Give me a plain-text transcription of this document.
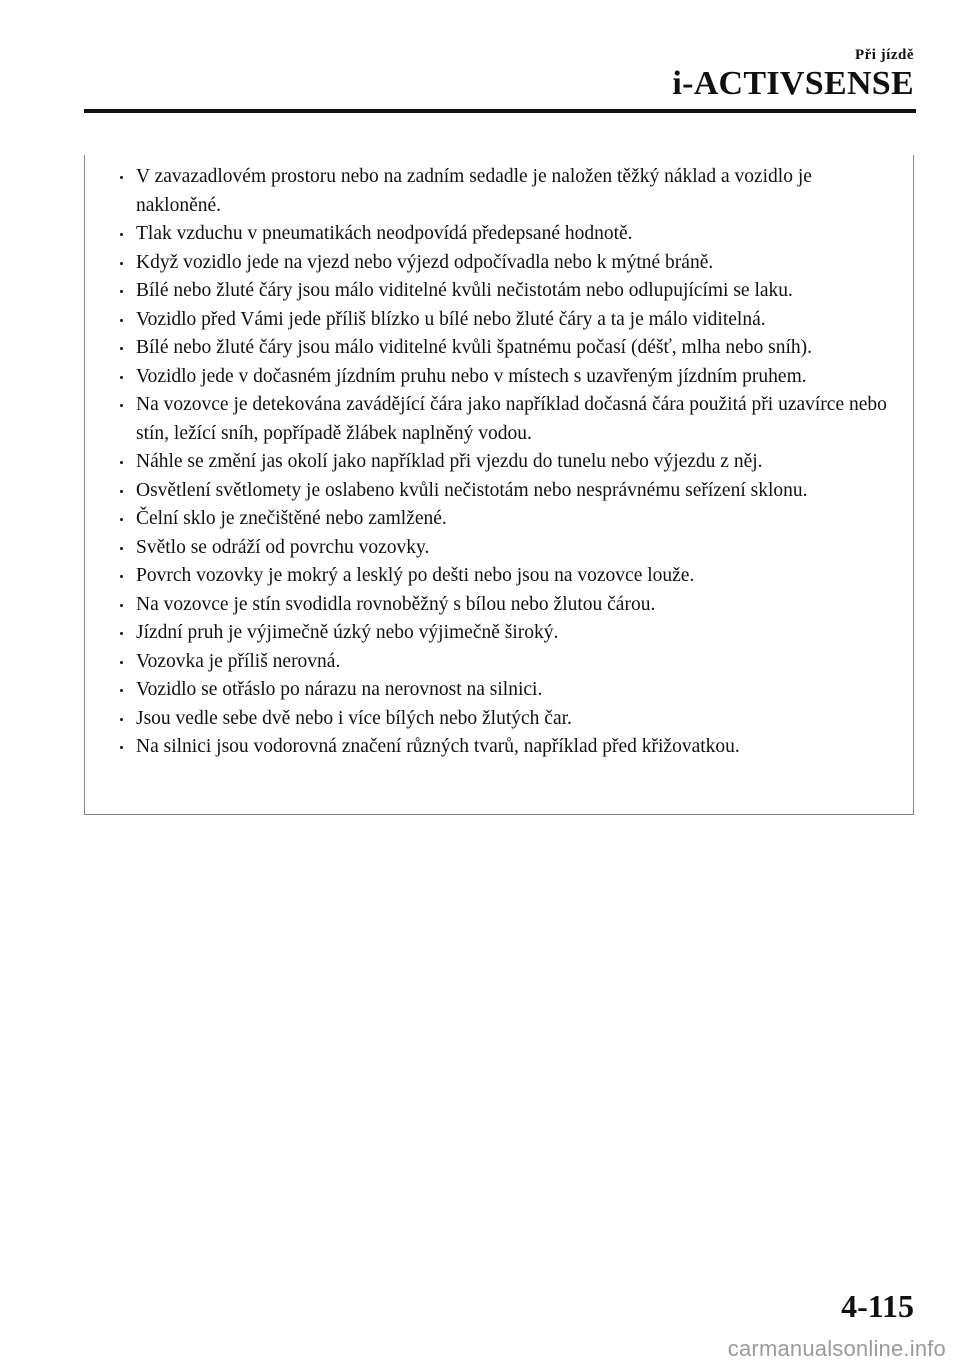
Při jízdě
i-ACTIVSENSE
V zavazadlovém prostoru nebo na zadním sedadle je naložen těžký náklad a vozidlo je nakloněné.
Tlak vzduchu v pneumatikách neodpovídá předepsané hodnotě.
Když vozidlo jede na vjezd nebo výjezd odpočívadla nebo k mýtné bráně.
Bílé nebo žluté čáry jsou málo viditelné kvůli nečistotám nebo odlupujícími se laku.
Vozidlo před Vámi jede příliš blízko u bílé nebo žluté čáry a ta je málo viditelná.
Bílé nebo žluté čáry jsou málo viditelné kvůli špatnému počasí (déšť, mlha nebo sníh).
Vozidlo jede v dočasném jízdním pruhu nebo v místech s uzavřeným jízdním pruhem.
Na vozovce je detekována zavádějící čára jako například dočasná čára použitá při uzavírce nebo stín, ležící sníh, popřípadě žlábek naplněný vodou.
Náhle se změní jas okolí jako například při vjezdu do tunelu nebo výjezdu z něj.
Osvětlení světlomety je oslabeno kvůli nečistotám nebo nesprávnému seřízení sklonu.
Čelní sklo je znečištěné nebo zamlžené.
Světlo se odráží od povrchu vozovky.
Povrch vozovky je mokrý a lesklý po dešti nebo jsou na vozovce louže.
Na vozovce je stín svodidla rovnoběžný s bílou nebo žlutou čárou.
Jízdní pruh je výjimečně úzký nebo výjimečně široký.
Vozovka je příliš nerovná.
Vozidlo se otřáslo po nárazu na nerovnost na silnici.
Jsou vedle sebe dvě nebo i více bílých nebo žlutých čar.
Na silnici jsou vodorovná značení různých tvarů, například před křižovatkou.
4-115
carmanualsonline.info
